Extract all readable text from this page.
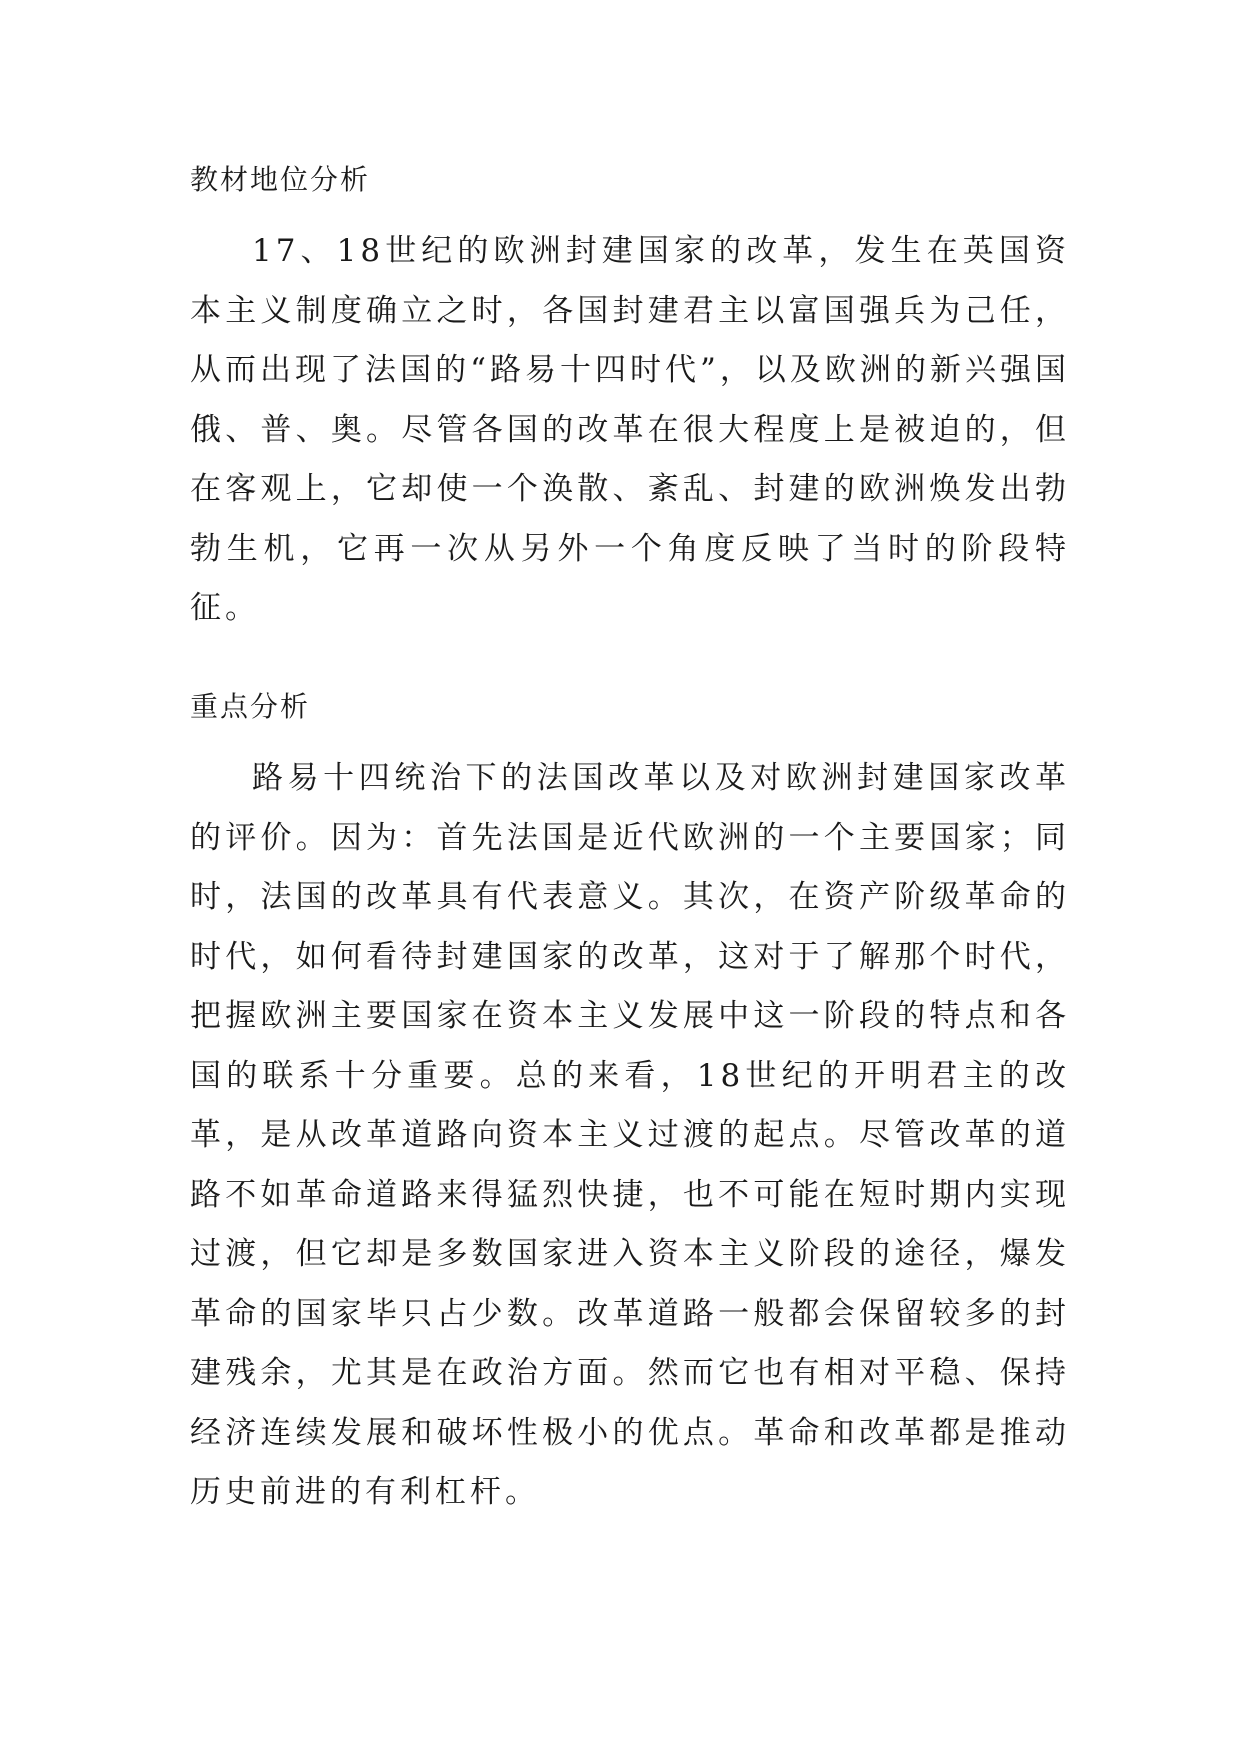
教材地位分析

17、18世纪的欧洲封建国家的改革，发生在英国资本主义制度确立之时，各国封建君主以富国强兵为己任，从而出现了法国的“路易十四时代”，以及欧洲的新兴强国俄、普、奥。尽管各国的改革在很大程度上是被迫的，但在客观上，它却使一个涣散、紊乱、封建的欧洲焕发出勃勃生机，它再一次从另外一个角度反映了当时的阶段特征。

重点分析

路易十四统治下的法国改革以及对欧洲封建国家改革的评价。因为：首先法国是近代欧洲的一个主要国家；同时，法国的改革具有代表意义。其次，在资产阶级革命的时代，如何看待封建国家的改革，这对于了解那个时代，把握欧洲主要国家在资本主义发展中这一阶段的特点和各国的联系十分重要。总的来看，18世纪的开明君主的改革，是从改革道路向资本主义过渡的起点。尽管改革的道路不如革命道路来得猛烈快捷，也不可能在短时期内实现过渡，但它却是多数国家进入资本主义阶段的途径，爆发革命的国家毕只占少数。改革道路一般都会保留较多的封建残余，尤其是在政治方面。然而它也有相对平稳、保持经济连续发展和破坏性极小的优点。革命和改革都是推动历史前进的有利杠杆。
